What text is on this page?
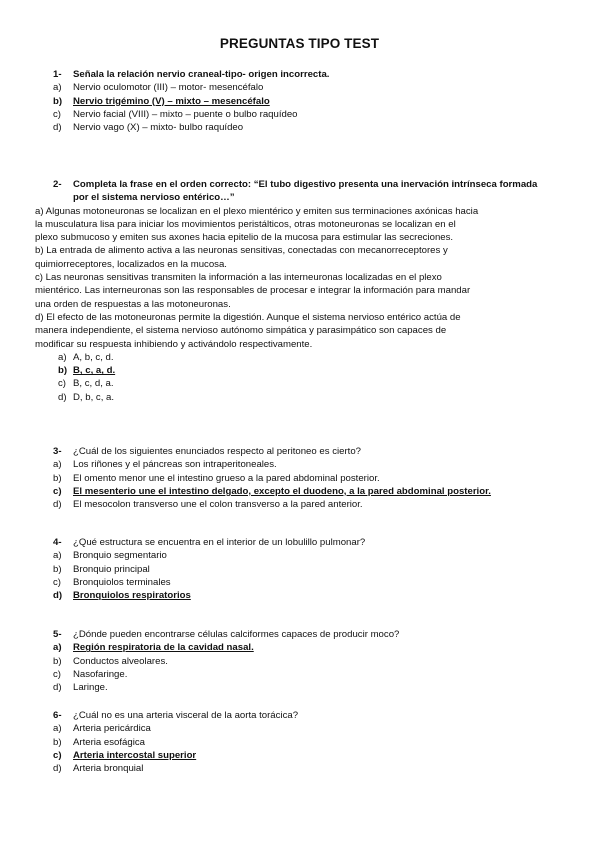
PREGUNTAS TIPO TEST
1- Señala la relación nervio craneal-tipo- origen incorrecta.
a) Nervio oculomotor (III) – motor- mesencéfalo
b) Nervio trigémino (V) – mixto – mesencéfalo
c) Nervio facial (VIII) – mixto – puente o bulbo raquídeo
d) Nervio vago (X) – mixto- bulbo raquídeo
2- Completa la frase en el orden correcto: “El tubo digestivo presenta una inervación intrínseca formada por el sistema nervioso entérico…”

a) Algunas motoneuronas se localizan en el plexo mientérico y emiten sus terminaciones axónicas hacia la musculatura lisa para iniciar los movimientos peristálticos, otras motoneuronas se localizan en el plexo submucoso y emiten sus axones hacia epitelio de la mucosa para estimular las secreciones.

b) La entrada de alimento activa a las neuronas sensitivas, conectadas con mecanorreceptores y quimiorreceptores, localizados en la mucosa.

c) Las neuronas sensitivas transmiten la información a las interneuronas localizadas en el plexo mientérico. Las interneuronas son las responsables de procesar e integrar la información para mandar una orden de respuestas a las motoneuronas.

d) El efecto de las motoneuronas permite la digestión. Aunque el sistema nervioso entérico actúa de manera independiente, el sistema nervioso autónomo simpática y parasimpático son capaces de modificar su respuesta inhibiendo y activándolo respectivamente.

a) A, b, c, d.
b) B, c, a, d.
c) B, c, d, a.
d) D, b, c, a.
3- ¿Cuál de los siguientes enunciados respecto al peritoneo es cierto?
a) Los riñones y el páncreas son intraperitoneales.
b) El omento menor une el intestino grueso a la pared abdominal posterior.
c) El mesenterio une el intestino delgado, excepto el duodeno, a la pared abdominal posterior.
d) El mesocolon transverso une el colon transverso a la pared anterior.
4- ¿Qué estructura se encuentra en el interior de un lobulillo pulmonar?
a) Bronquio segmentario
b) Bronquio principal
c) Bronquiolos terminales
d) Bronquiolos respiratorios
5- ¿Dónde pueden encontrarse células calciformes capaces de producir moco?
a) Región respiratoria de la cavidad nasal.
b) Conductos alveolares.
c) Nasofaringe.
d) Laringe.
6- ¿Cuál no es una arteria visceral de la aorta torácica?
a) Arteria pericárdica
b) Arteria esofágica
c) Arteria intercostal superior
d) Arteria bronquial
